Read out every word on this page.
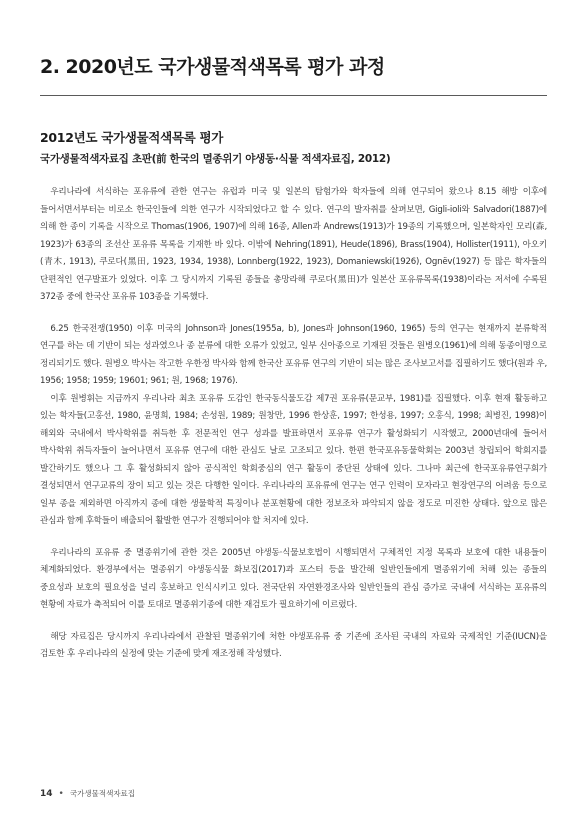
2. 2020년도 국가생물적색목록 평가 과정
2012년도 국가생물적색목록 평가
국가생물적색자료집 초판(前 한국의 멸종위기 야생동·식물 적색자료집, 2012)

우리나라에 서식하는 포유류에 관한 연구는 유럽과 미국 및 일본의 탐험가와 학자들에 의해 연구되어 왔으나 8.15 해방 이후에 들어서면서부터는 비로소 한국인들에 의한 연구가 시작되었다고 할 수 있다. 연구의 발자취를 살펴보면, Gigli-ioli와 Salvadori(1887)에 의해 한 종이 기록을 시작으로 Thomas(1906, 1907)에 의해 16종, Allen과 Andrews(1913)가 19종의 기록했으며, 일본학자인 모리(森, 1923)가 63종의 조선산 포유류 목록을 기재한 바 있다. 이밖에 Nehring(1891), Heude(1896), Brass(1904), Hollister(1911), 아오키(青木, 1913), 쿠로다(黑田, 1923, 1934, 1938), Lonnberg(1922, 1923), Domaniewski(1926), Ognëv(1927) 등 많은 학자들의 단편적인 연구발표가 있었다. 이후 그 당시까지 기록된 종들을 총망라해 쿠로다(黑田)가 일본산 포유류목록(1938)이라는 저서에 수록된 372종 중에 한국산 포유류 103종을 기록했다.

6.25 한국전쟁(1950) 이후 미국의 Johnson과 Jones(1955a, b), Jones과 Johnson(1960, 1965) 등의 연구는 현재까지 분류학적 연구를 하는 데 기반이 되는 성과였으나 종 분류에 대한 오류가 있었고, 일부 신아종으로 기재된 것들은 원병오(1961)에 의해 동종이명으로 정리되기도 했다. 원병오 박사는 작고한 우한정 박사와 함께 한국산 포유류 연구의 기반이 되는 많은 조사보고서를 집필하기도 했다(원과 우, 1956; 1958; 1959; 19601; 961; 원, 1968; 1976).

이후 원병휘는 지금까지 우리나라 최초 포유류 도감인 한국동식물도감 제7권 포유류(문교부, 1981)를 집필했다. 이후 현재 활동하고 있는 학자들(고홍선, 1980, 윤명희, 1984; 손성원, 1989; 원창만, 1996 한상훈, 1997; 한성용, 1997; 오홍식, 1998; 최병진, 1998)이 해외와 국내에서 박사학위를 취득한 후 전문적인 연구 성과를 발표하면서 포유류 연구가 활성화되기 시작했고, 2000년대에 들어서 박사학위 취득자들이 늘어나면서 포유류 연구에 대한 관심도 날로 고조되고 있다. 한편 한국포유동물학회는 2003년 창립되어 학회지를 발간하기도 했으나 그 후 활성화되지 않아 공식적인 학회중심의 연구 활동이 중단된 상태에 있다. 그나마 최근에 한국포유류연구회가 결성되면서 연구교류의 장이 되고 있는 것은 다행한 일이다. 우리나라의 포유류에 연구는 연구 인력이 모자라고 현장연구의 어려움 등으로 일부 종을 제외하면 아직까지 종에 대한 생물학적 특징이나 분포현황에 대한 정보조차 파악되지 않을 정도로 미진한 상태다. 앞으로 많은 관심과 함께 후학들이 배출되어 활발한 연구가 진행되어야 할 처지에 있다.

우리나라의 포유류 중 멸종위기에 관한 것은 2005년 야생동·식물보호법이 시행되면서 구체적인 지정 목록과 보호에 대한 내용들이 체계화되었다. 환경부에서는 멸종위기 야생동식물 화보집(2017)과 포스터 등을 발간해 일반인들에게 멸종위기에 처해 있는 종들의 중요성과 보호의 필요성을 널리 홍보하고 인식시키고 있다. 전국단위 자연환경조사와 일반인들의 관심 증가로 국내에 서식하는 포유류의 현황에 자료가 축적되어 이를 토대로 멸종위기종에 대한 재검토가 필요하기에 이르렀다.

해당 자료집은 당시까지 우리나라에서 관찰된 멸종위기에 처한 야생포유류 중 기존에 조사된 국내의 자료와 국제적인 기준(IUCN)을 검토한 후 우리나라의 실정에 맞는 기준에 맞게 재조정해 작성했다.

14 • 국가생물적색자료집
